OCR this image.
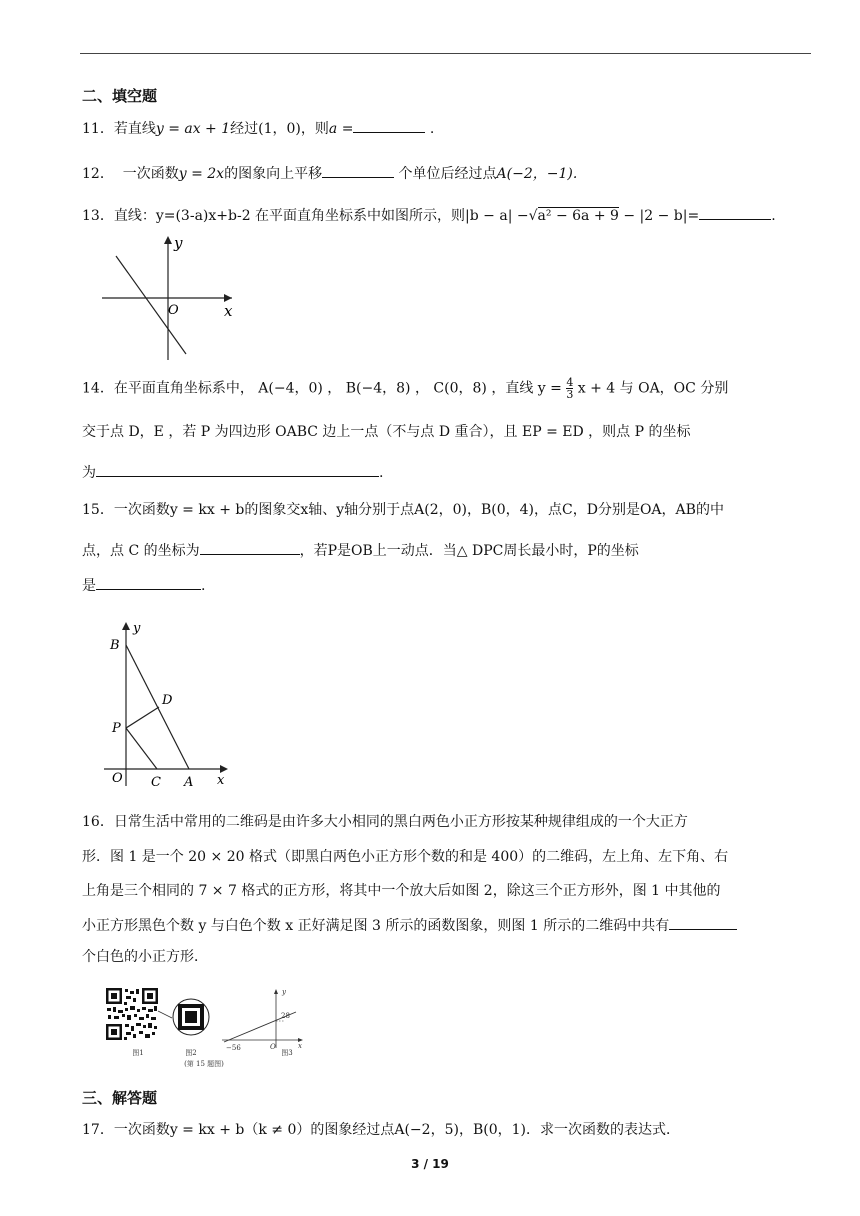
二、填空题
11．若直线y = ax + 1经过(1，0)，则a =	.
12． 一次函数y = 2x的图象向上平移	个单位后经过点A(−2，−1).
13．直线：y=(3-a)x+b-2 在平面直角坐标系中如图所示，则|b − a| −√a² − 6a + 9 − |2 − b|=	.
y
x
O
14．在平面直角坐标系中， A(−4，0) ， B(−4，8) ， C(0，8) ，直线 $y = \frac{4}{3}$ x + 4 与 OA，OC 分别
交于点 D，E ，若 P 为四边形 OABC 边上一点（不与点 D 重合），且 EP = ED ，则点 P 的坐标
为	.
15．一次函数y = kx + b的图象交x轴、y轴分别于点A(2，0)，B(0，4)，点C，D分别是OA，AB的中
点，点 C 的坐标为	，若P是OB上一动点．当△ DPC周长最小时，P的坐标
是	.
y
x
B
D
P
O C A
16．日常生活中常用的二维码是由许多大小相同的黑白两色小正方形按某种规律组成的一个大正方
形．图 1 是一个 20 × 20 格式（即黑白两色小正方形个数的和是 400）的二维码，左上角、左下角、右
上角是三个相同的 7 × 7 格式的正方形，将其中一个放大后如图 2，除这三个正方形外，图 1 中其他的
小正方形黑色个数 y 与白色个数 x 正好满足图 3 所示的函数图象，则图 1 所示的二维码中共有
个白色的小正方形．
图1	图2
(第 15 题图)
y
x
28
−56	O
图3
三、解答题
17．一次函数y = kx + b（k ≠ 0）的图象经过点A(−2，5)，B(0，1)．求一次函数的表达式．
3 / 19
